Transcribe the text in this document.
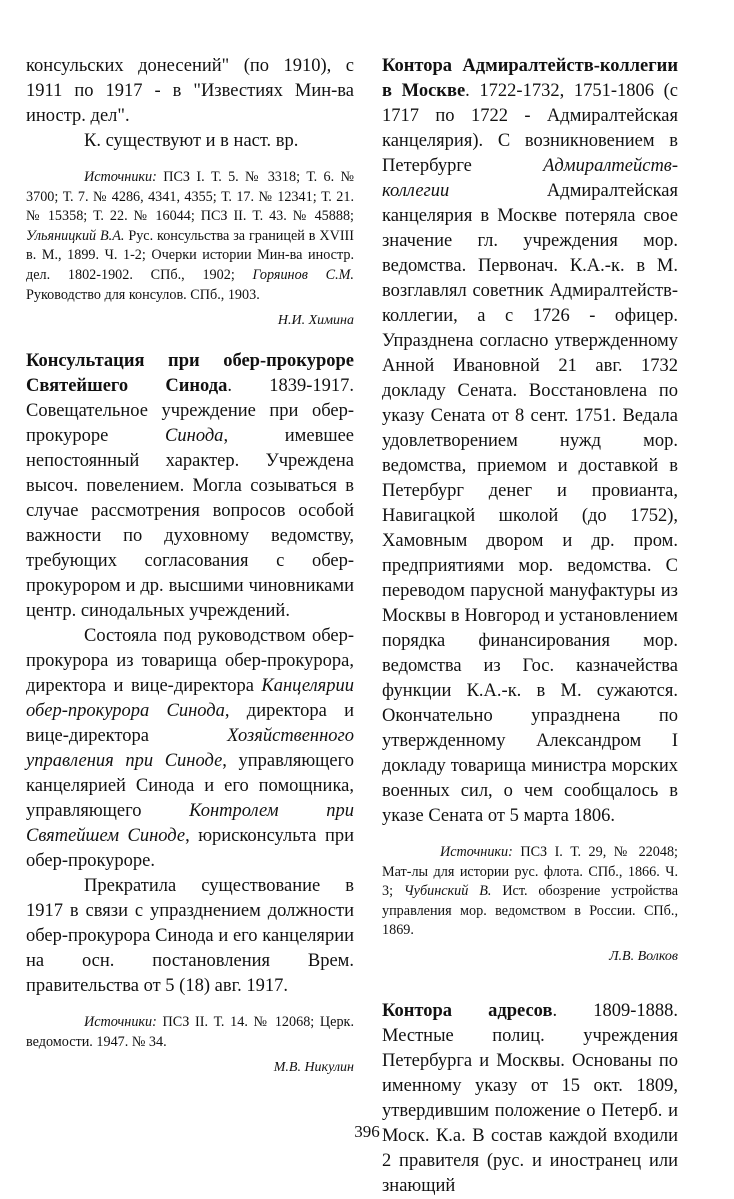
консульских донесений" (по 1910), с 1911 по 1917 - в "Известиях Мин-ва иностр. дел".

К. существуют и в наст. вр.

Источники: ПСЗ I. Т. 5. № 3318; Т. 6. № 3700; Т. 7. № 4286, 4341, 4355; Т. 17. № 12341; Т. 21. № 15358; Т. 22. № 16044; ПСЗ II. Т. 43. № 45888; Ульяницкий В.А. Рус. консульства за границей в XVIII в. М., 1899. Ч. 1-2; Очерки истории Мин-ва иностр. дел. 1802-1902. СПб., 1902; Горяинов С.М. Руководство для консулов. СПб., 1903.

Н.И. Химина

Консультация при обер-прокуроре Святейшего Синода. 1839-1917. Совещательное учреждение при обер-прокуроре Синода, имевшее непостоянный характер. Учреждена высоч. повелением. Могла созываться в случае рассмотрения вопросов особой важности по духовному ведомству, требующих согласования с обер-прокурором и др. высшими чиновниками центр. синодальных учреждений.

Состояла под руководством обер-прокурора из товарища обер-прокурора, директора и вице-директора Канцелярии обер-прокурора Синода, директора и вице-директора Хозяйственного управления при Синоде, управляющего канцелярией Синода и его помощника, управляющего Контролем при Святейшем Синоде, юрисконсульта при обер-прокуроре.

Прекратила существование в 1917 в связи с упразднением должности обер-прокурора Синода и его канцелярии на осн. постановления Врем. правительства от 5 (18) авг. 1917.

Источники: ПСЗ II. Т. 14. № 12068; Церк. ведомости. 1947. № 34.

М.В. Никулин

Контора Адмиралтейств-коллегии в Москве. 1722-1732, 1751-1806 (с 1717 по 1722 - Адмиралтейская канцелярия). С возникновением в Петербурге Адмиралтейств-коллегии Адмиралтейская канцелярия в Москве потеряла свое значение гл. учреждения мор. ведомства. Первонач. К.А.-к. в М. возглавлял советник Адмиралтейств-коллегии, а с 1726 - офицер. Упразднена согласно утвержденному Анной Ивановной 21 авг. 1732 докладу Сената. Восстановлена по указу Сената от 8 сент. 1751. Ведала удовлетворением нужд мор. ведомства, приемом и доставкой в Петербург денег и провианта, Навигацкой школой (до 1752), Хамовным двором и др. пром. предприятиями мор. ведомства. С переводом парусной мануфактуры из Москвы в Новгород и установлением порядка финансирования мор. ведомства из Гос. казначейства функции К.А.-к. в М. сужаются. Окончательно упразднена по утвержденному Александром I докладу товарища министра морских военных сил, о чем сообщалось в указе Сената от 5 марта 1806.

Источники: ПСЗ I. Т. 29, № 22048; Мат-лы для истории рус. флота. СПб., 1866. Ч. 3; Чубинский В. Ист. обозрение устройства управления мор. ведомством в России. СПб., 1869.

Л.В. Волков

Контора адресов. 1809-1888. Местные полиц. учреждения Петербурга и Москвы. Основаны по именному указу от 15 окт. 1809, утвердившим положение о Петерб. и Моск. К.а. В состав каждой входили 2 правителя (рус. и иностранец или знающий

396
